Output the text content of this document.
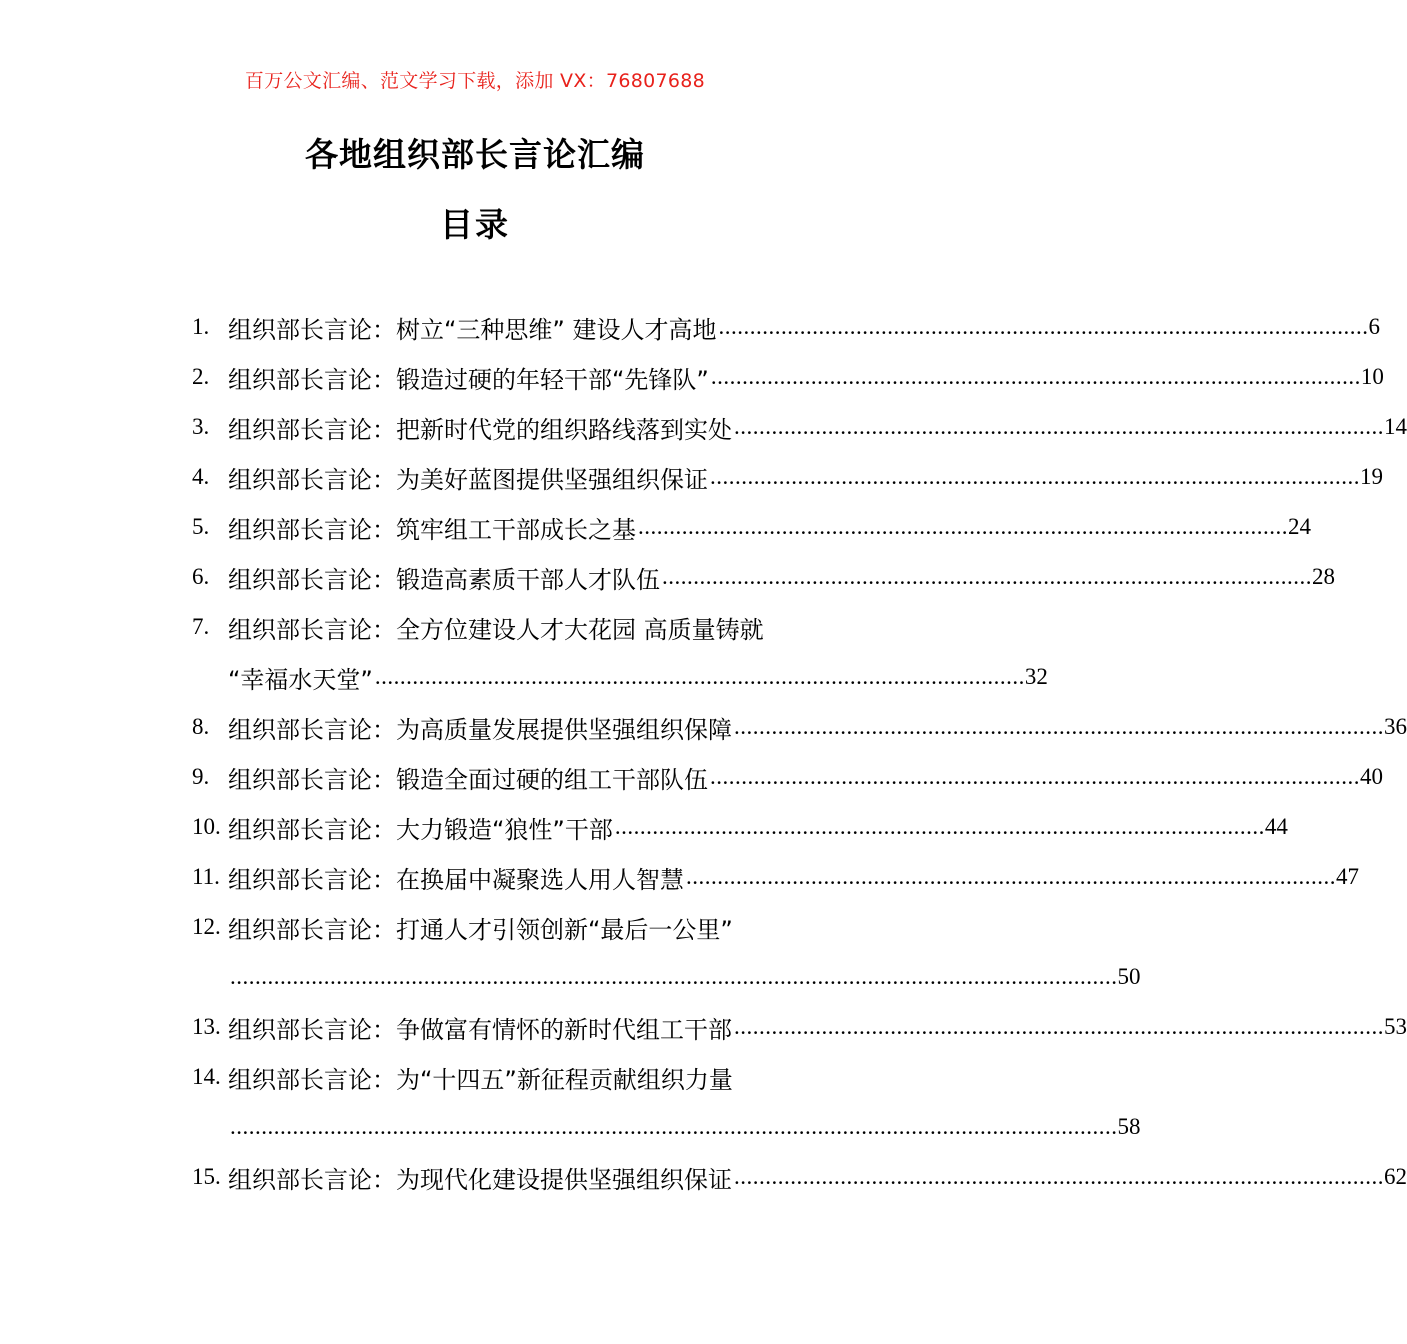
百万公文汇编、范文学习下载，添加 VX：76807688
各地组织部长言论汇编
目录
1. 组织部长言论：树立“三种思维” 建设人才高地 ........................................................................................................ 6
2. 组织部长言论：锻造过硬的年轻干部“先锋队” ........................................................................................................ 10
3. 组织部长言论：把新时代党的组织路线落到实处 ........................................................................................................ 14
4. 组织部长言论：为美好蓝图提供坚强组织保证 ........................................................................................................ 19
5. 组织部长言论：筑牢组工干部成长之基 ........................................................................................................ 24
6. 组织部长言论：锻造高素质干部人才队伍 ........................................................................................................ 28
7. 组织部长言论：全方位建设人才大花园 高质量铸就
“幸福水天堂” ........................................................................................................ 32
8. 组织部长言论：为高质量发展提供坚强组织保障 ........................................................................................................ 36
9. 组织部长言论：锻造全面过硬的组工干部队伍 ........................................................................................................ 40
10. 组织部长言论：大力锻造“狼性”干部 ........................................................................................................ 44
11. 组织部长言论：在换届中凝聚选人用人智慧 ........................................................................................................ 47
12. 组织部长言论：打通人才引领创新“最后一公里”
.............................................................................................................................................. 50
13. 组织部长言论：争做富有情怀的新时代组工干部 ........................................................................................................ 53
14. 组织部长言论：为“十四五”新征程贡献组织力量
.............................................................................................................................................. 58
15. 组织部长言论：为现代化建设提供坚强组织保证 ........................................................................................................ 62
